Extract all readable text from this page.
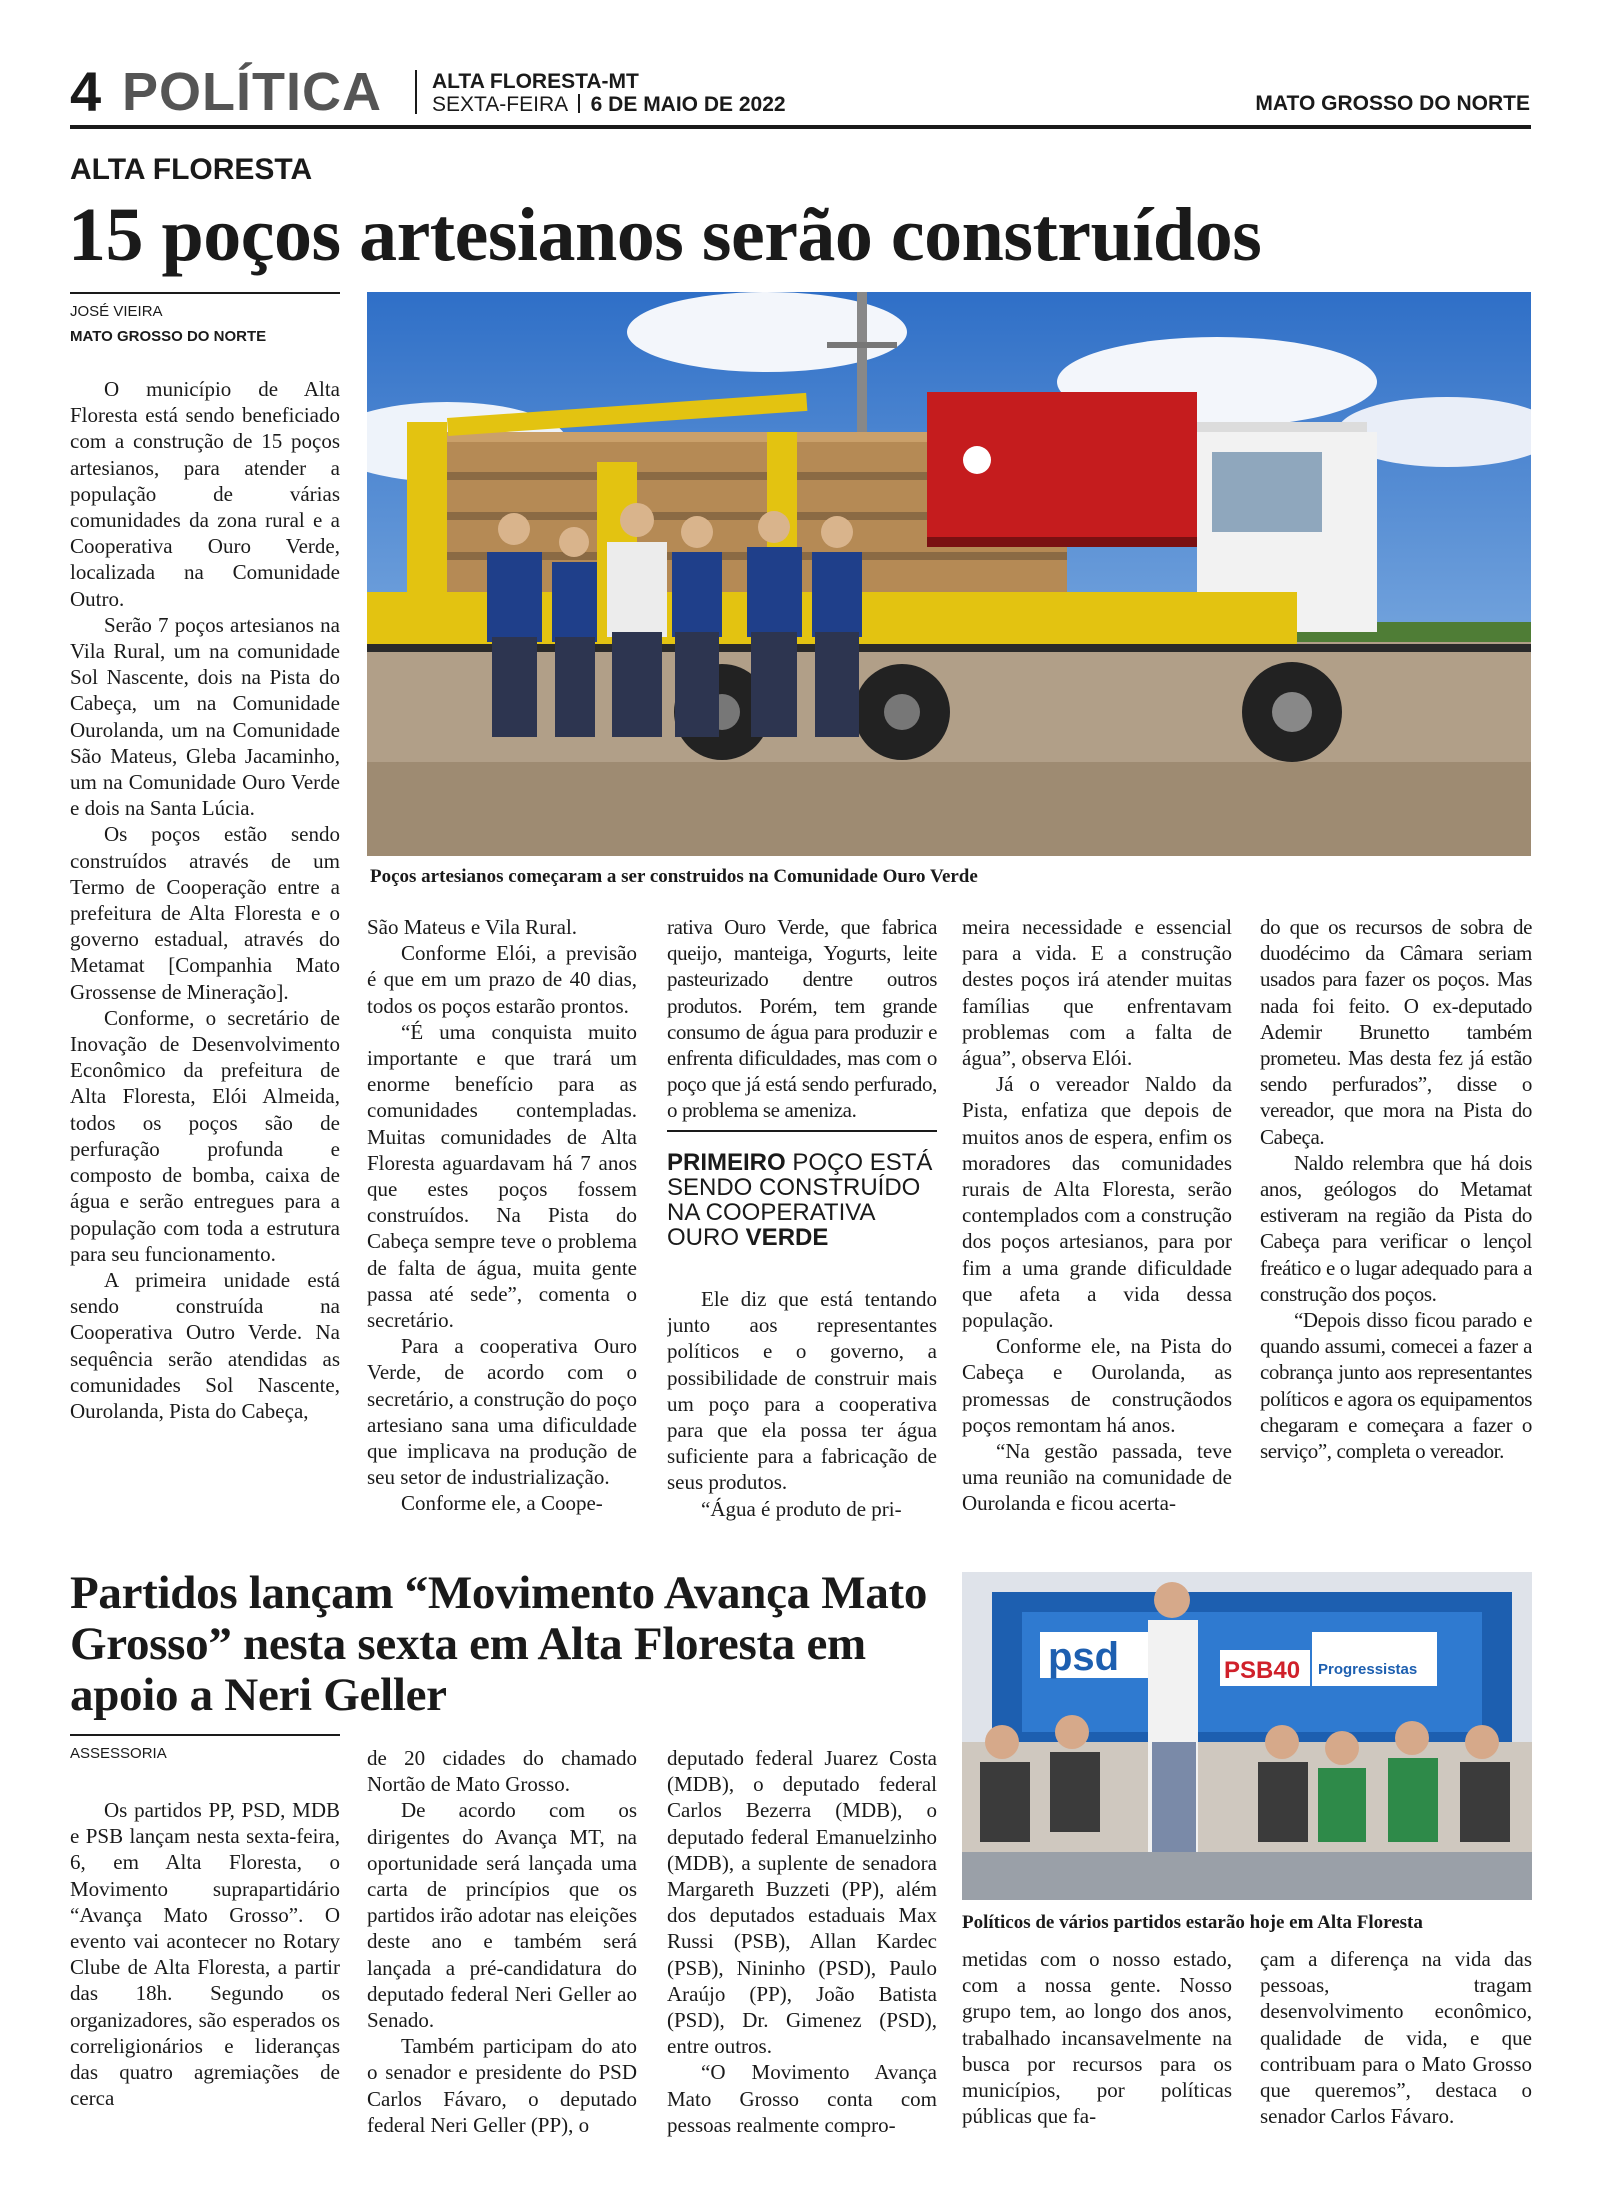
4 POLÍTICA ALTA FLORESTA-MT
SEXTA-FEIRA 6 DE MAIO DE 2022	MATO GROSSO DO NORTE
ALTA FLORESTA
15 poços artesianos serão construídos
JOSÉ VIEIRA
MATO GROSSO DO NORTE
Poços artesianos começaram a ser construidos na Comunidade Ouro Verde

O município de Alta Floresta está sendo beneficiado com a construção de 15 poços artesianos, para atender a população de várias comunidades da zona rural e a Cooperativa Ouro Verde, localizada na Comunidade Outro.

Serão 7 poços artesianos na Vila Rural, um na comunidade Sol Nascente, dois na Pista do Cabeça, um na Comunidade Ourolanda, um na Comunidade São Mateus, Gleba Jacaminho, um na Comunidade Ouro Verde e dois na Santa Lúcia.

Os poços estão sendo construídos através de um Termo de Cooperação entre a prefeitura de Alta Floresta e o governo estadual, através do Metamat [Companhia Mato Grossense de Mineração].

Conforme, o secretário de Inovação de Desenvolvimento Econômico da prefeitura de Alta Floresta, Elói Almeida, todos os poços são de perfuração profunda e composto de bomba, caixa de água e serão entregues para a população com toda a estrutura para seu funcionamento.

A primeira unidade está sendo construída na Cooperativa Outro Verde. Na sequência serão atendidas as comunidades Sol Nascente, Ourolanda, Pista do Cabeça,

São Mateus e Vila Rural.

Conforme Elói, a previsão é que em um prazo de 40 dias, todos os poços estarão prontos.

“É uma conquista muito importante e que trará um enorme benefício para as comunidades contempladas. Muitas comunidades de Alta Floresta aguardavam há 7 anos que estes poços fossem construídos. Na Pista do Cabeça sempre teve o problema de falta de água, muita gente passa até sede”, comenta o secretário.

Para a cooperativa Ouro Verde, de acordo com o secretário, a construção do poço artesiano sana uma dificuldade que implicava na produção de seu setor de industrialização.

Conforme ele, a Coope-

rativa Ouro Verde, que fabrica queijo, manteiga, Yogurts, leite pasteurizado dentre outros produtos. Porém, tem grande consumo de água para produzir e enfrenta dificuldades, mas com o poço que já está sendo perfurado, o problema se ameniza.

PRIMEIRO POÇO ESTÁ SENDO CONSTRUÍDO NA COOPERATIVA OURO VERDE

Ele diz que está tentando junto aos representantes políticos e o governo, a possibilidade de construir mais um poço para a cooperativa para que ela possa ter água suficiente para a fabricação de seus produtos.

“Água é produto de pri-

meira necessidade e essencial para a vida. E a construção destes poços irá atender muitas famílias que enfrentavam problemas com a falta de água”, observa Elói.

Já o vereador Naldo da Pista, enfatiza que depois de muitos anos de espera, enfim os moradores das comunidades rurais de Alta Floresta, serão contemplados com a construção dos poços artesianos, para por fim a uma grande dificuldade que afeta a vida dessa população.

Conforme ele, na Pista do Cabeça e Ourolanda, as promessas de construçãodos poços remontam há anos.

“Na gestão passada, teve uma reunião na comunidade de Ourolanda e ficou acerta-

do que os recursos de sobra de duodécimo da Câmara seriam usados para fazer os poços. Mas nada foi feito. O ex-deputado Ademir Brunetto também prometeu. Mas desta fez já estão sendo perfurados”, disse o vereador, que mora na Pista do Cabeça.

Naldo relembra que há dois anos, geólogos do Metamat estiveram na região da Pista do Cabeça para verificar o lençol freático e o lugar adequado para a construção dos poços.

“Depois disso ficou parado e quando assumi, comecei a fazer a cobrança junto aos representantes políticos e agora os equipamentos chegaram e começara a fazer o serviço”, completa o vereador.

Partidos lançam “Movimento Avança Mato Grosso” nesta sexta em Alta Floresta em apoio a Neri Geller
ASSESSORIA
psd	PSB40 Progressistas
Políticos de vários partidos estarão hoje em Alta Floresta

Os partidos PP, PSD, MDB e PSB lançam nesta sexta-feira, 6, em Alta Floresta, o Movimento suprapartidário “Avança Mato Grosso”. O evento vai acontecer no Rotary Clube de Alta Floresta, a partir das 18h. Segundo os organizadores, são esperados os correligionários e lideranças das quatro agremiações de cerca

de 20 cidades do chamado Nortão de Mato Grosso.

De acordo com os dirigentes do Avança MT, na oportunidade será lançada uma carta de princípios que os partidos irão adotar nas eleições deste ano e também será lançada a pré-candidatura do deputado federal Neri Geller ao Senado.

Também participam do ato o senador e presidente do PSD Carlos Fávaro, o deputado federal Neri Geller (PP), o

deputado federal Juarez Costa (MDB), o deputado federal Carlos Bezerra (MDB), o deputado federal Emanuelzinho (MDB), a suplente de senadora Margareth Buzzeti (PP), além dos deputados estaduais Max Russi (PSB), Allan Kardec (PSB), Nininho (PSD), Paulo Araújo (PP), João Batista (PSD), Dr. Gimenez (PSD), entre outros.

“O Movimento Avança Mato Grosso conta com pessoas realmente compro-

metidas com o nosso estado, com a nossa gente. Nosso grupo tem, ao longo dos anos, trabalhado incansavelmente na busca por recursos para os municípios, por políticas públicas que fa-

çam a diferença na vida das pessoas, tragam desenvolvimento econômico, qualidade de vida, e que contribuam para o Mato Grosso que queremos”, destaca o senador Carlos Fávaro.
